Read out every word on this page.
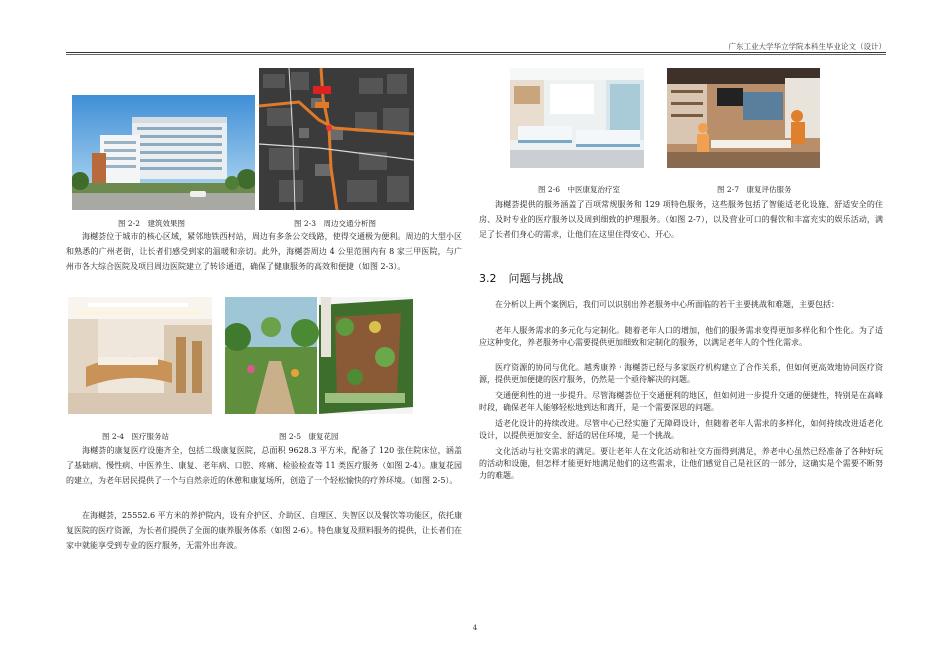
广东工业大学华立学院本科生毕业论文（设计）
图 2-2　建筑效果图	图 2-3　周边交通分析图

海樾荟位于城市的核心区域，紧邻地铁西村站，周边有多条公交线路，使得交通极为便利。周边的大型小区和熟悉的广州老街，让长者们感受到家的温暖和亲切。此外，海樾荟周边 4 公里范围内有 8 家三甲医院，与广州市各大综合医院及项目周边医院建立了转诊通道，确保了健康服务的高效和便捷（如图 2-3）。

图 2-4　医疗服务站	图 2-5　康复花园

海樾荟的康复医疗设施齐全，包括二级康复医院，总面积 9628.3 平方米，配备了 120 张住院床位，涵盖了基础病、慢性病、中医养生、康复、老年病、口腔、疼痛、检验检查等 11 类医疗服务（如图 2-4）。康复花园的建立，为老年居民提供了一个与自然亲近的休憩和康复场所，创造了一个轻松愉快的疗养环境。（如图 2-5）。

在海樾荟，25552.6 平方米的养护院内，设有介护区、介助区、自理区、失智区以及餐饮等功能区，依托康复医院的医疗资源，为长者们提供了全面的康养服务体系（如图 2-6）。特色康复及照料服务的提供，让长者们在家中就能享受到专业的医疗服务，无需外出奔波。

图 2-6　中医康复治疗室	图 2-7　康复评估服务

海樾荟提供的服务涵盖了百项常规服务和 129 项特色服务，这些服务包括了智能适老化设施、舒适安全的住房、及时专业的医疗服务以及周到细致的护理服务。（如图 2-7），以及营业可口的餐饮和丰富充实的娱乐活动，满足了长者们身心的需求，让他们在这里住得安心、开心。

3.2 问题与挑战

在分析以上两个案例后，我们可以识别出养老服务中心所面临的若干主要挑战和难题，主要包括：

老年人服务需求的多元化与定制化。随着老年人口的增加，他们的服务需求变得更加多样化和个性化。为了适应这种变化，养老服务中心需要提供更加细致和定制化的服务，以满足老年人的个性化需求。

医疗资源的协同与优化。越秀康养 · 海樾荟已经与多家医疗机构建立了合作关系，但如何更高效地协同医疗资源，提供更加便捷的医疗服务，仍然是一个亟待解决的问题。

交通便利性的进一步提升。尽管海樾荟位于交通便利的地区，但如何进一步提升交通的便捷性，特别是在高峰时段，确保老年人能够轻松地到达和离开，是一个需要深思的问题。

适老化设计的持续改进。尽管中心已经实施了无障碍设计，但随着老年人需求的多样化，如何持续改进适老化设计，以提供更加安全、舒适的居住环境，是一个挑战。

文化活动与社交需求的满足。要让老年人在文化活动和社交方面得到满足，养老中心虽然已经准备了各种好玩的活动和设施，但怎样才能更好地满足他们的这些需求，让他们感觉自己是社区的一部分，这确实是个需要不断努力的难题。

4
